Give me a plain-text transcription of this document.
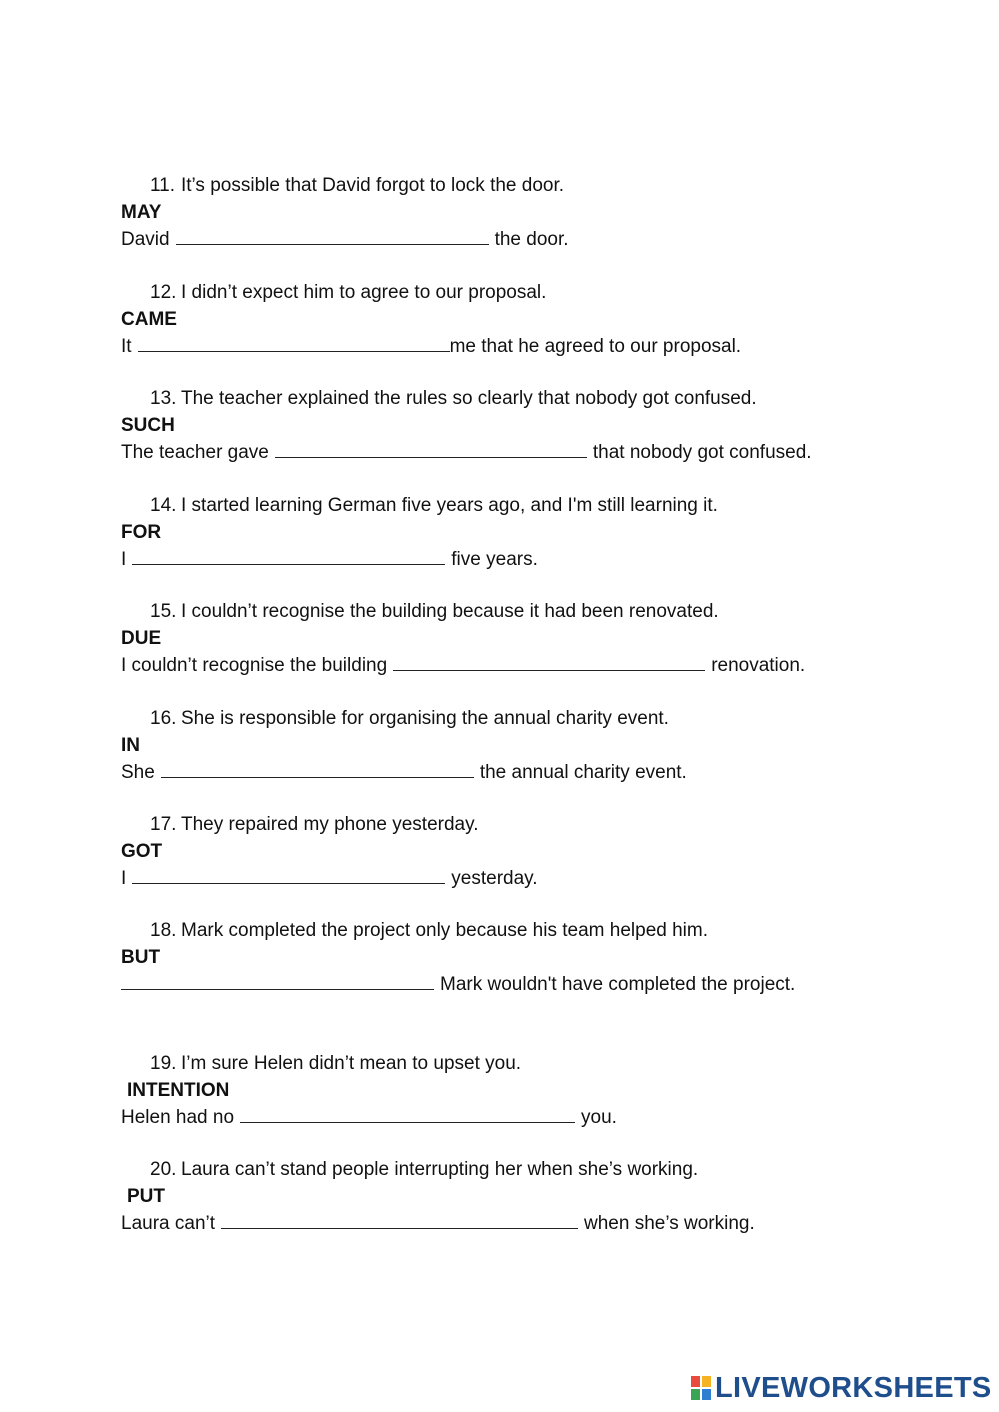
11. It’s possible that David forgot to lock the door.
MAY
David	the door.
12. I didn’t expect him to agree to our proposal.
CAME
It	me that he agreed to our proposal.
13. The teacher explained the rules so clearly that nobody got confused.
SUCH
The teacher gave	that nobody got confused.
14. I started learning German five years ago, and I'm still learning it.
FOR
I	five years.
15. I couldn’t recognise the building because it had been renovated.
DUE
I couldn’t recognise the building	renovation.
16. She is responsible for organising the annual charity event.
IN
She	the annual charity event.
17. They repaired my phone yesterday.
GOT
I	yesterday.
18. Mark completed the project only because his team helped him.
BUT
Mark wouldn't have completed the project.
19. I’m sure Helen didn’t mean to upset you.
INTENTION
Helen had no	you.
20. Laura can’t stand people interrupting her when she’s working.
PUT
Laura can’t	when she’s working.
LIVEWORKSHEETS
